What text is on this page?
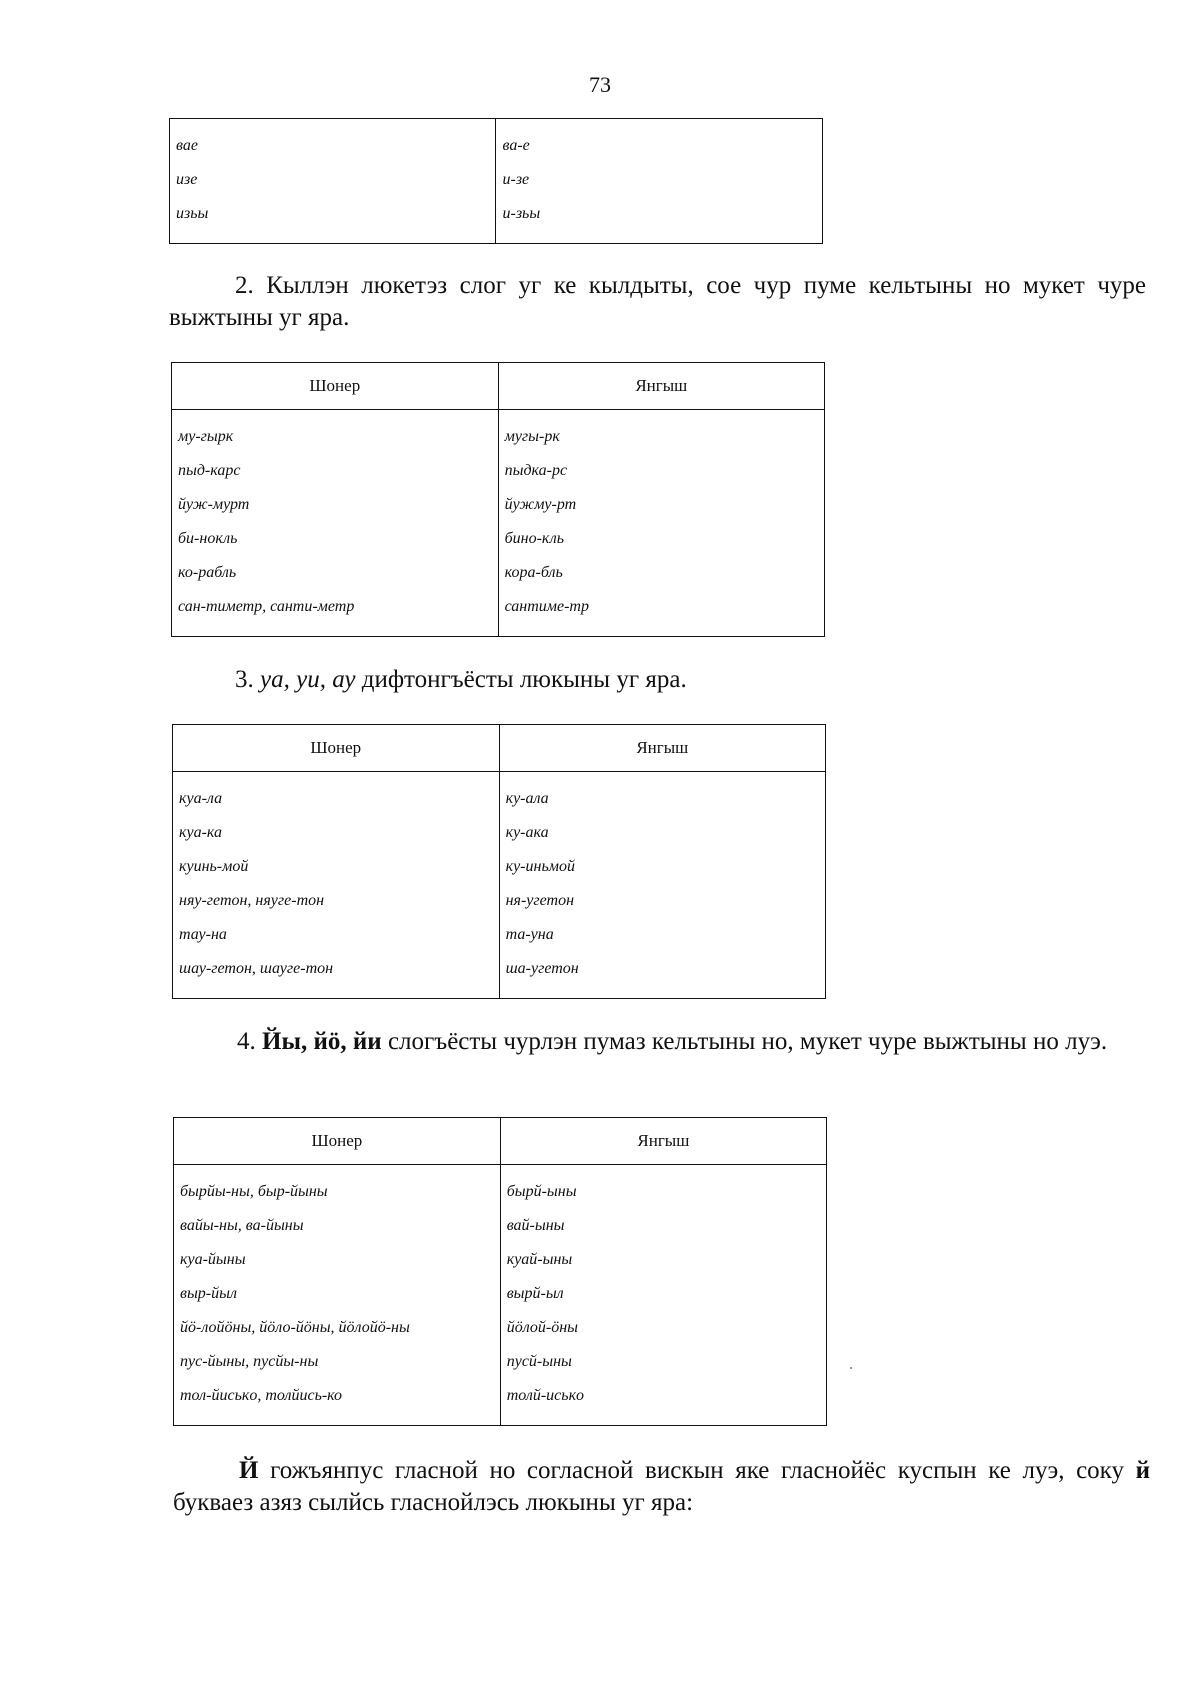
73
вае	ва-е
изе	и-зе
изьы	и-зьы
2. Кыллэн люкетэз слог уг ке кылдыты, сое чур пуме кельтыны но мукет чуре выжтыны уг яра.
Шонер	Янгыш
му-гырк	мугы-рк
пыд-карс	пыдка-рс
йуж-мурт	йужму-рт
би-нокль	бино-кль
ко-рабль	кора-бль
сан-тиметр, санти-метр	сантиме-тр
3. уа, уи, ау дифтонгъёсты люкыны уг яра.
Шонер	Янгыш
куа-ла	ку-ала
куа-ка	ку-ака
куинь-мой	ку-иньмой
няу-гетон, няуге-тон	ня-угетон
тау-на	та-уна
шау-гетон, шауге-тон	ша-угетон
4. Йы, йӧ, йи слогъёсты чурлэн пумаз кельтыны но, мукет чуре выжтыны но луэ.
Шонер	Янгыш
бырйы-ны, быр-йыны	бырй-ыны
вайы-ны, ва-йыны	вай-ыны
куа-йыны	куай-ыны
выр-йыл	выpй-ыл
йӧ-лойӧны, йӧло-йӧны, йӧлойӧ-ны	йӧлой-ӧны
пус-йыны, пусйы-ны	пусй-ыны
тол-йиськo, толйись-ко	толй-иськo
Й гожъянпус гласной но согласной вискын яке гласнойёс куспын ке луэ, соку й букваез азяз сылйсь гласнойлэсь люкыны уг яра:
